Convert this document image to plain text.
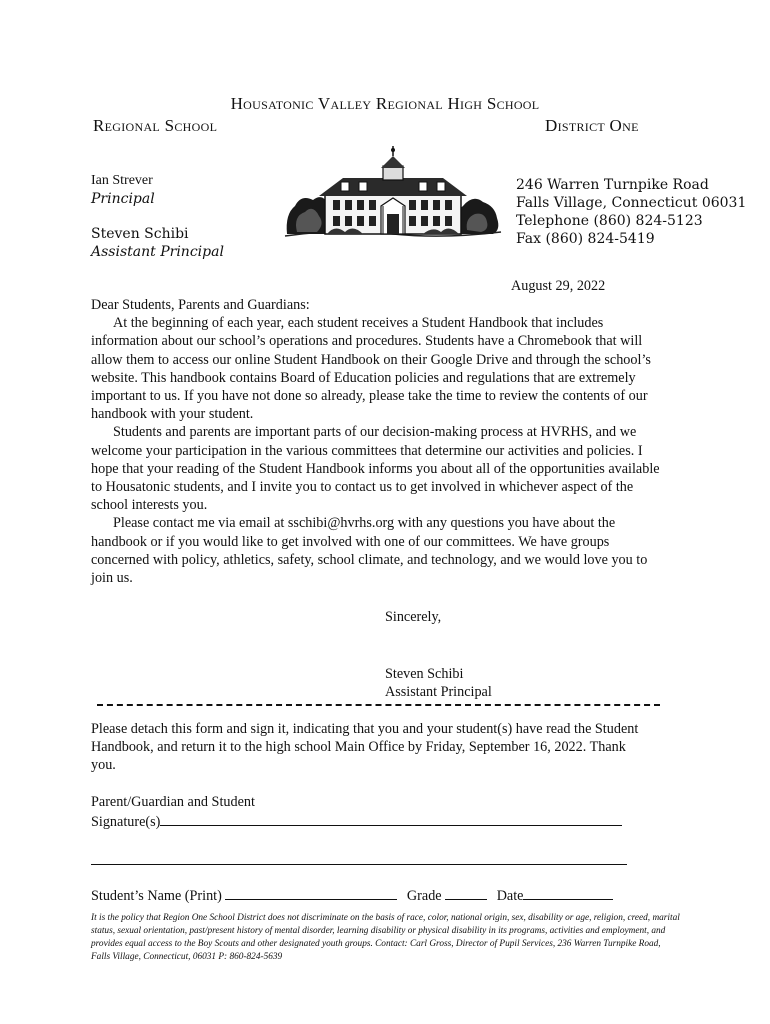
Housatonic Valley Regional High School
Regional School	District One
Ian Strever
Principal
Steven Schibi
Assistant Principal
246 Warren Turnpike Road
Falls Village, Connecticut 06031
Telephone (860) 824-5123
Fax (860) 824-5419
August 29, 2022

Dear Students, Parents and Guardians:

At the beginning of each year, each student receives a Student Handbook that includes information about our school’s operations and procedures. Students have a Chromebook that will allow them to access our online Student Handbook on their Google Drive and through the school’s website. This handbook contains Board of Education policies and regulations that are extremely important to us. If you have not done so already, please take the time to review the contents of our handbook with your student.

Students and parents are important parts of our decision-making process at HVRHS, and we welcome your participation in the various committees that determine our activities and policies. I hope that your reading of the Student Handbook informs you about all of the opportunities available to Housatonic students, and I invite you to contact us to get involved in whichever aspect of the school interests you.

Please contact me via email at sschibi@hvrhs.org with any questions you have about the handbook or if you would like to get involved with one of our committees. We have groups concerned with policy, athletics, safety, school climate, and technology, and we would love you to join us.

Sincerely,
Steven Schibi
Assistant Principal
Please detach this form and sign it, indicating that you and your student(s) have read the Student Handbook, and return it to the high school Main Office by Friday, September 16, 2022. Thank you.
Parent/Guardian and Student
Signature(s)
Student’s Name (Print)	Grade	Date
It is the policy that Region One School District does not discriminate on the basis of race, color, national origin, sex, disability or age, religion, creed, marital status, sexual orientation, past/present history of mental disorder, learning disability or physical disability in its programs, activities and employment, and provides equal access to the Boy Scouts and other designated youth groups. Contact: Carl Gross, Director of Pupil Services, 236 Warren Turnpike Road, Falls Village, Connecticut, 06031 P: 860-824-5639
